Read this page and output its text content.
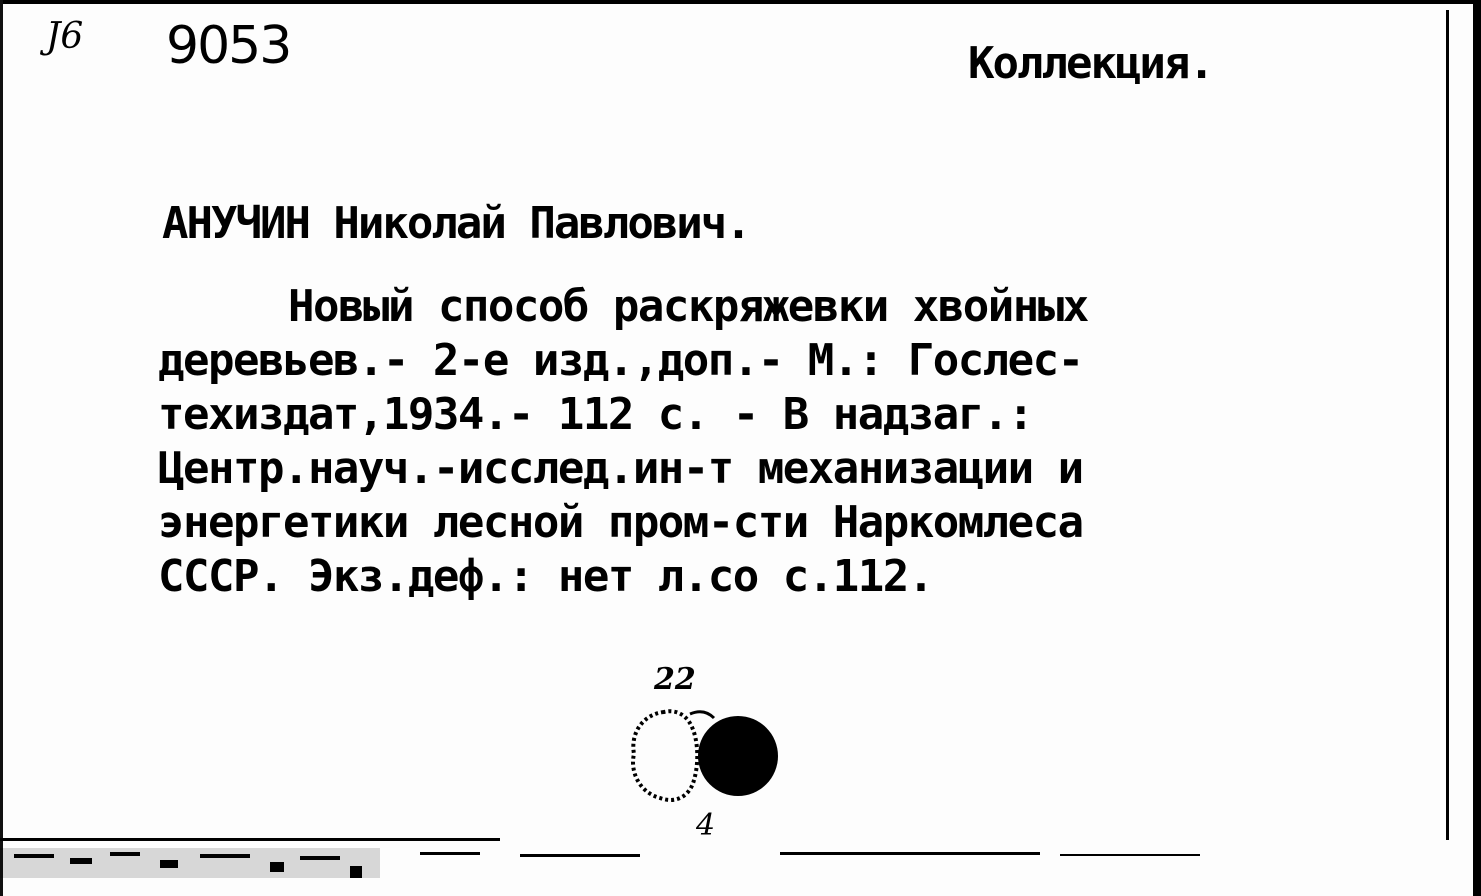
Ј6 9053	Коллекция.
АНУЧИН Николай Павлович.
Новый способ раскряжевки хвойных
деревьев.- 2-е изд.,доп.- М.: Гослес-
техиздат,1934.- 112 с. - В надзаг.:
Центр.науч.-исслед.ин-т механизации и
энергетики лесной пром-сти Наркомлеса
СССР. Экз.деф.: нет л.со с.112.
22
4
